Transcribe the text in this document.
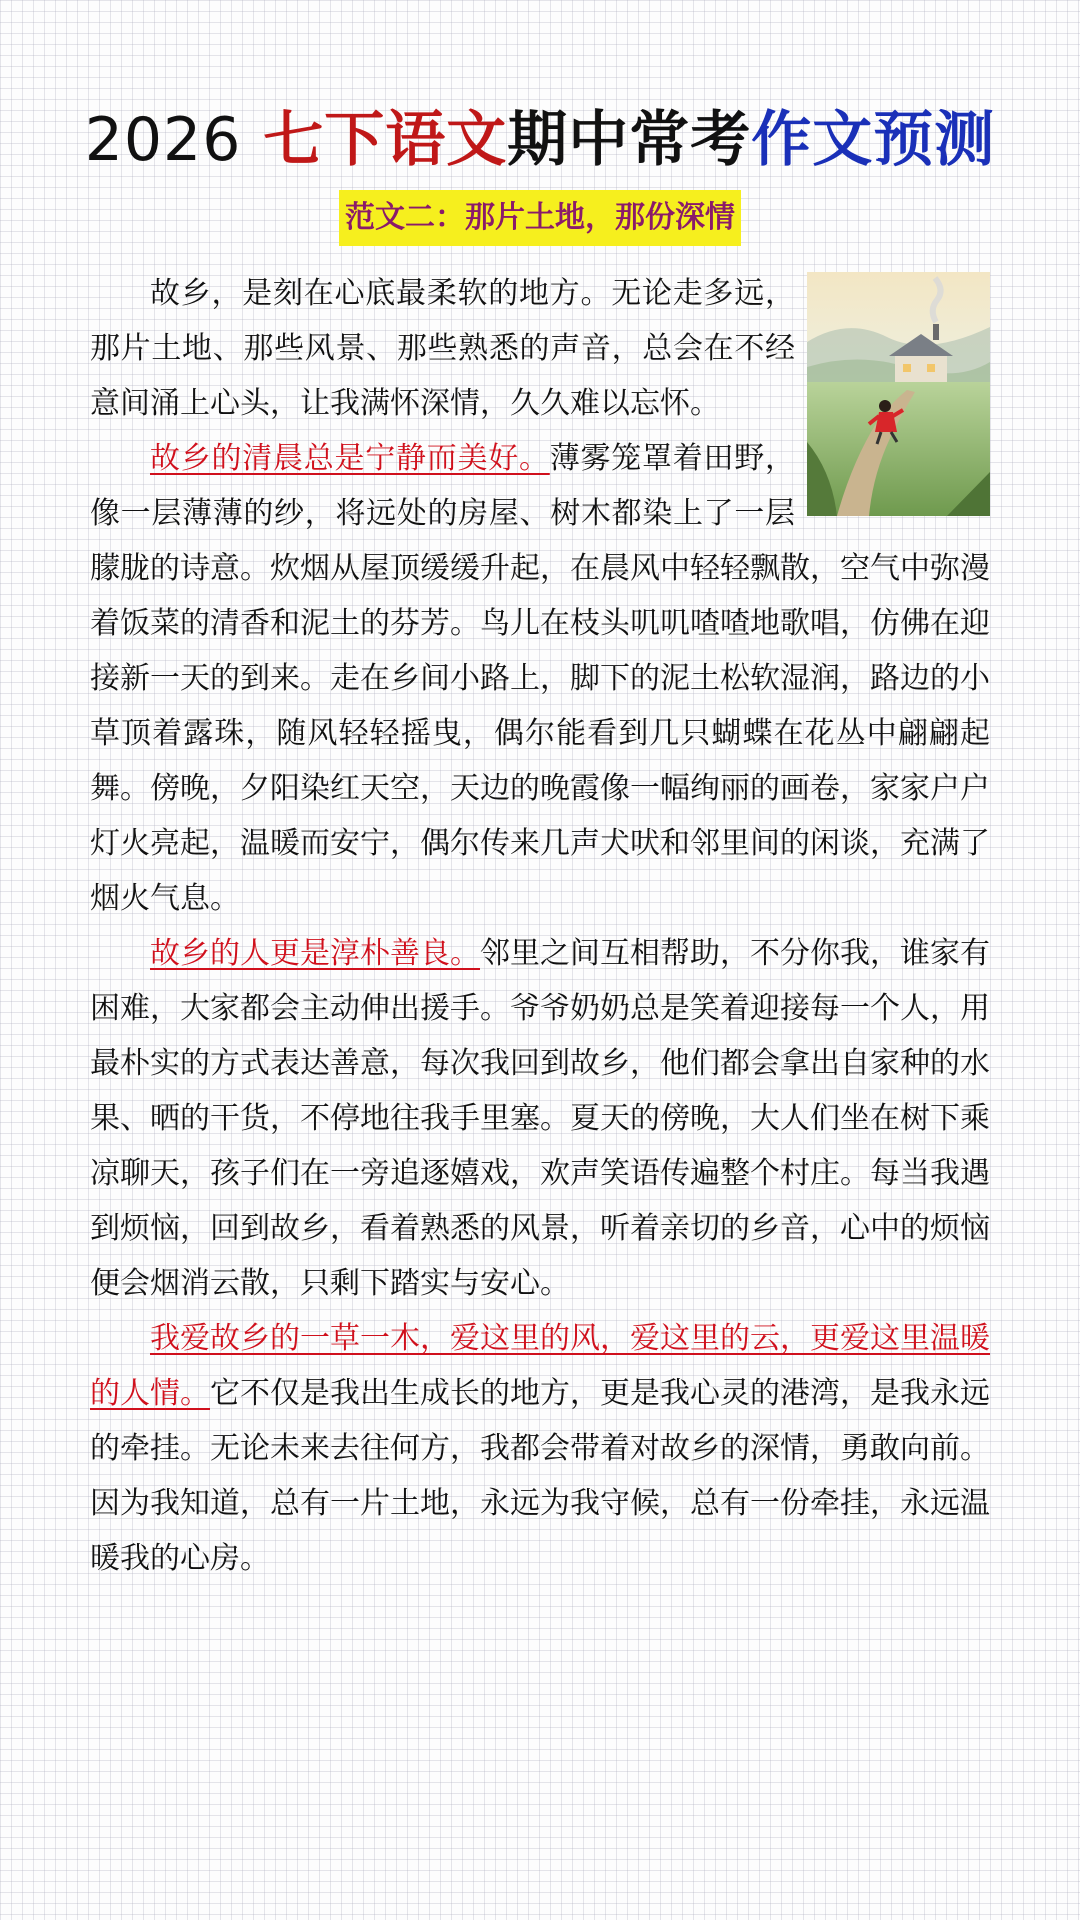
2026 七下语文期中常考作文预测
范文二：那片土地，那份深情

故乡，是刻在心底最柔软的地方。无论走多远，那片土地、那些风景、那些熟悉的声音，总会在不经意间涌上心头，让我满怀深情，久久难以忘怀。

故乡的清晨总是宁静而美好。薄雾笼罩着田野，像一层薄薄的纱，将远处的房屋、树木都染上了一层朦胧的诗意。炊烟从屋顶缓缓升起，在晨风中轻轻飘散，空气中弥漫着饭菜的清香和泥土的芬芳。鸟儿在枝头叽叽喳喳地歌唱，仿佛在迎接新一天的到来。走在乡间小路上，脚下的泥土松软湿润，路边的小草顶着露珠，随风轻轻摇曳，偶尔能看到几只蝴蝶在花丛中翩翩起舞。傍晚，夕阳染红天空，天边的晚霞像一幅绚丽的画卷，家家户户灯火亮起，温暖而安宁，偶尔传来几声犬吠和邻里间的闲谈，充满了烟火气息。

故乡的人更是淳朴善良。邻里之间互相帮助，不分你我，谁家有困难，大家都会主动伸出援手。爷爷奶奶总是笑着迎接每一个人，用最朴实的方式表达善意，每次我回到故乡，他们都会拿出自家种的水果、晒的干货，不停地往我手里塞。夏天的傍晚，大人们坐在树下乘凉聊天，孩子们在一旁追逐嬉戏，欢声笑语传遍整个村庄。每当我遇到烦恼，回到故乡，看着熟悉的风景，听着亲切的乡音，心中的烦恼便会烟消云散，只剩下踏实与安心。

我爱故乡的一草一木，爱这里的风，爱这里的云，更爱这里温暖的人情。它不仅是我出生成长的地方，更是我心灵的港湾，是我永远的牵挂。无论未来去往何方，我都会带着对故乡的深情，勇敢向前。因为我知道，总有一片土地，永远为我守候，总有一份牵挂，永远温暖我的心房。
